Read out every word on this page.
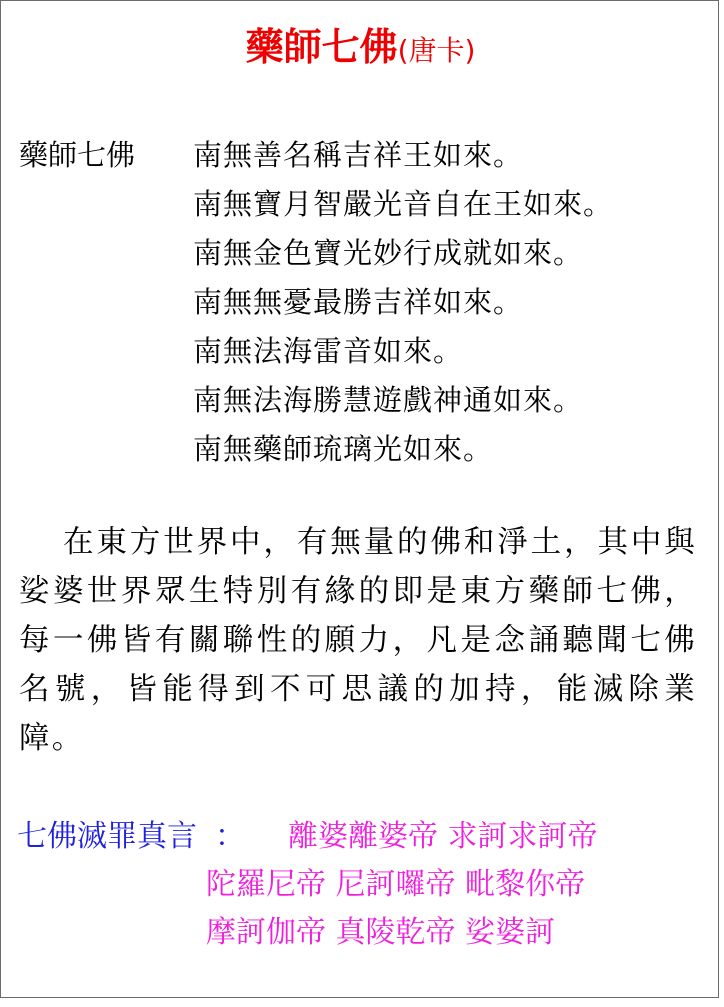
藥師七佛(唐卡)
藥師七佛 南無善名稱吉祥王如來。
南無寶月智嚴光音自在王如來。
南無金色寶光妙行成就如來。
南無無憂最勝吉祥如來。
南無法海雷音如來。
南無法海勝慧遊戲神通如來。
南無藥師琉璃光如來。

在東方世界中，有無量的佛和淨土，其中與娑婆世界眾生特別有緣的即是東方藥師七佛，每一佛皆有關聯性的願力，凡是念誦聽聞七佛名號，皆能得到不可思議的加持，能滅除業障。

七佛滅罪真言 ： 離婆離婆帝 求訶求訶帝
陀羅尼帝 尼訶囉帝 毗黎你帝
摩訶伽帝 真陵乾帝 娑婆訶
